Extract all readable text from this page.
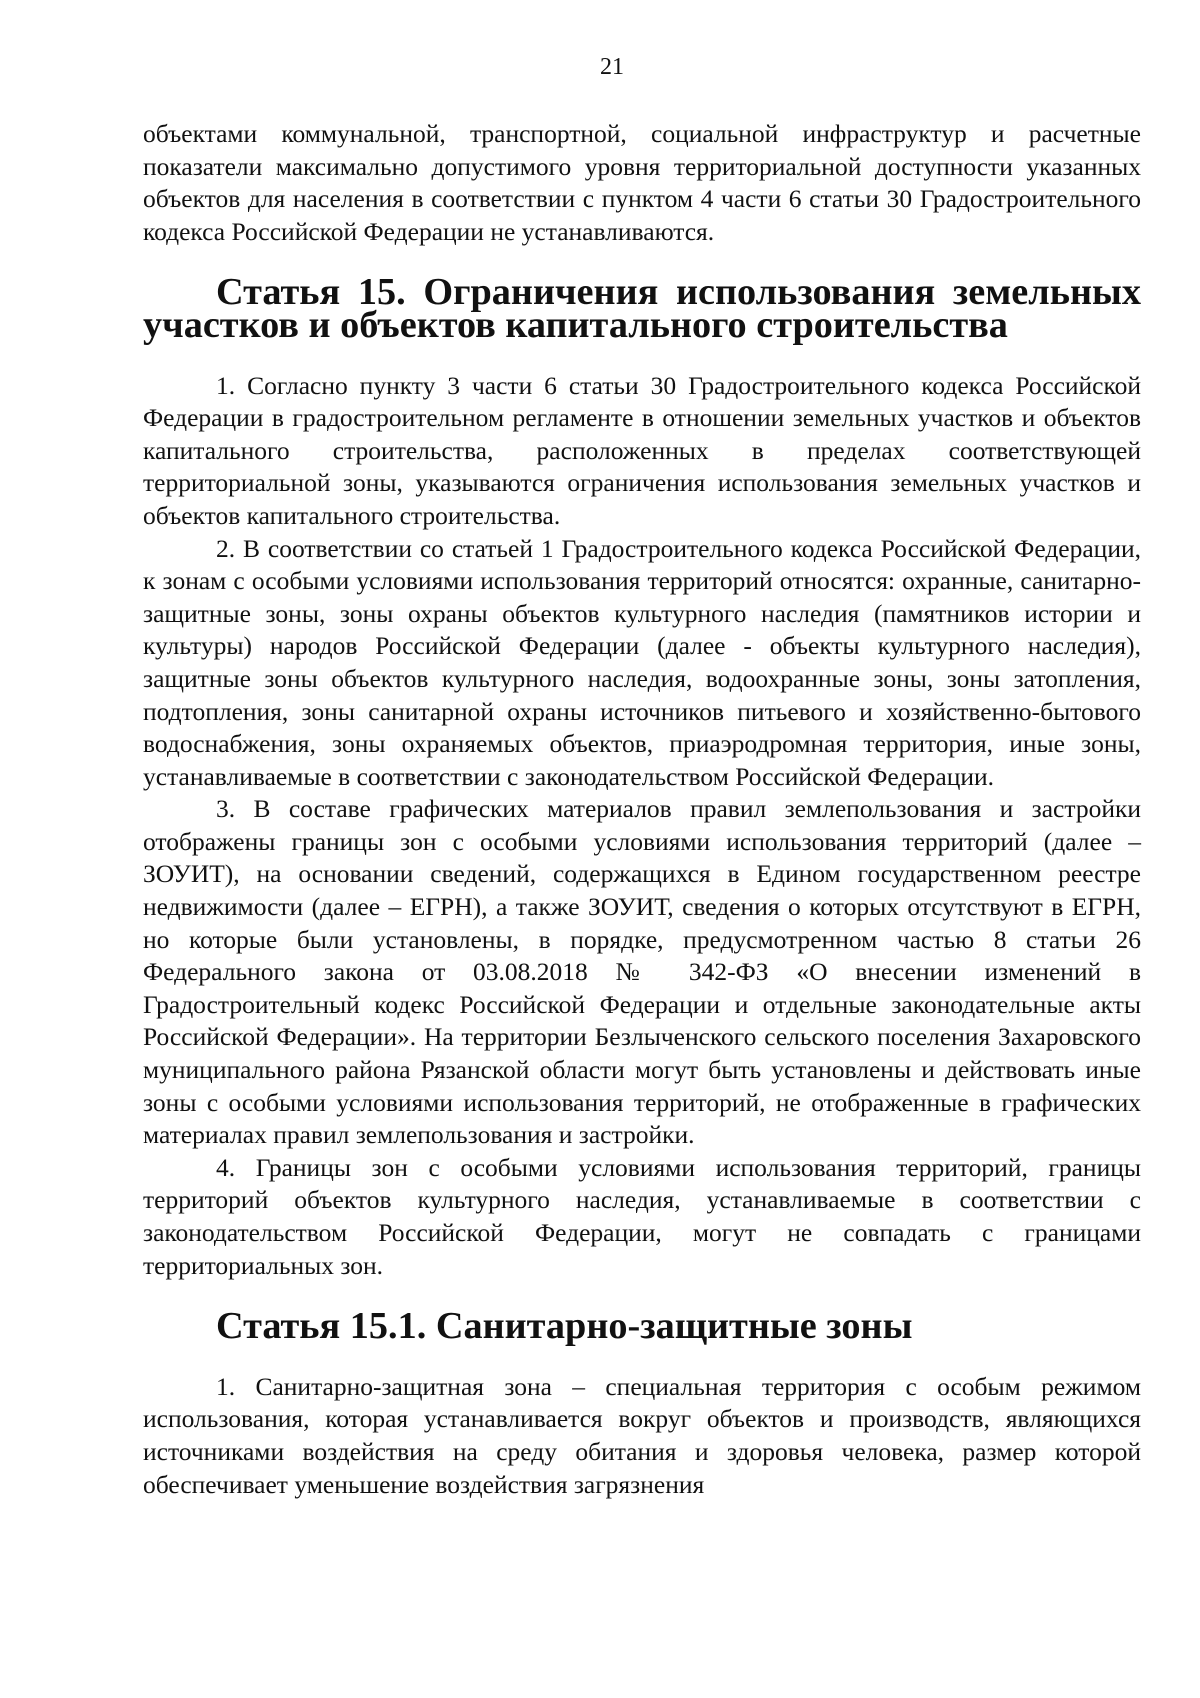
21

объектами коммунальной, транспортной, социальной инфраструктур и расчетные показатели максимально допустимого уровня территориальной доступности указанных объектов для населения в соответствии с пунктом 4 части 6 статьи 30 Градостроительного кодекса Российской Федерации не устанавливаются.

Статья 15. Ограничения использования земельных участков и объектов капитального строительства

1. Согласно пункту 3 части 6 статьи 30 Градостроительного кодекса Российской Федерации в градостроительном регламенте в отношении земельных участков и объектов капитального строительства, расположенных в пределах соответствующей территориальной зоны, указываются ограничения использования земельных участков и объектов капитального строительства.

2. В соответствии со статьей 1 Градостроительного кодекса Российской Федерации, к зонам с особыми условиями использования территорий относятся: охранные, санитарно-защитные зоны, зоны охраны объектов культурного наследия (памятников истории и культуры) народов Российской Федерации (далее - объекты культурного наследия), защитные зоны объектов культурного наследия, водоохранные зоны, зоны затопления, подтопления, зоны санитарной охраны источников питьевого и хозяйственно-бытового водоснабжения, зоны охраняемых объектов, приаэродромная территория, иные зоны, устанавливаемые в соответствии с законодательством Российской Федерации.

3. В составе графических материалов правил землепользования и застройки отображены границы зон с особыми условиями использования территорий (далее – ЗОУИТ), на основании сведений, содержащихся в Едином государственном реестре недвижимости (далее – ЕГРН), а также ЗОУИТ, сведения о которых отсутствуют в ЕГРН, но которые были установлены, в порядке, предусмотренном частью 8 статьи 26 Федерального закона от 03.08.2018 № 342-ФЗ «О внесении изменений в Градостроительный кодекс Российской Федерации и отдельные законодательные акты Российской Федерации». На территории Безлыченского сельского поселения Захаровского муниципального района Рязанской области могут быть установлены и действовать иные зоны с особыми условиями использования территорий, не отображенные в графических материалах правил землепользования и застройки.

4. Границы зон с особыми условиями использования территорий, границы территорий объектов культурного наследия, устанавливаемые в соответствии с законодательством Российской Федерации, могут не совпадать с границами территориальных зон.

Статья 15.1. Санитарно-защитные зоны

1. Санитарно-защитная зона – специальная территория с особым режимом использования, которая устанавливается вокруг объектов и производств, являющихся источниками воздействия на среду обитания и здоровья человека, размер которой обеспечивает уменьшение воздействия загрязнения
